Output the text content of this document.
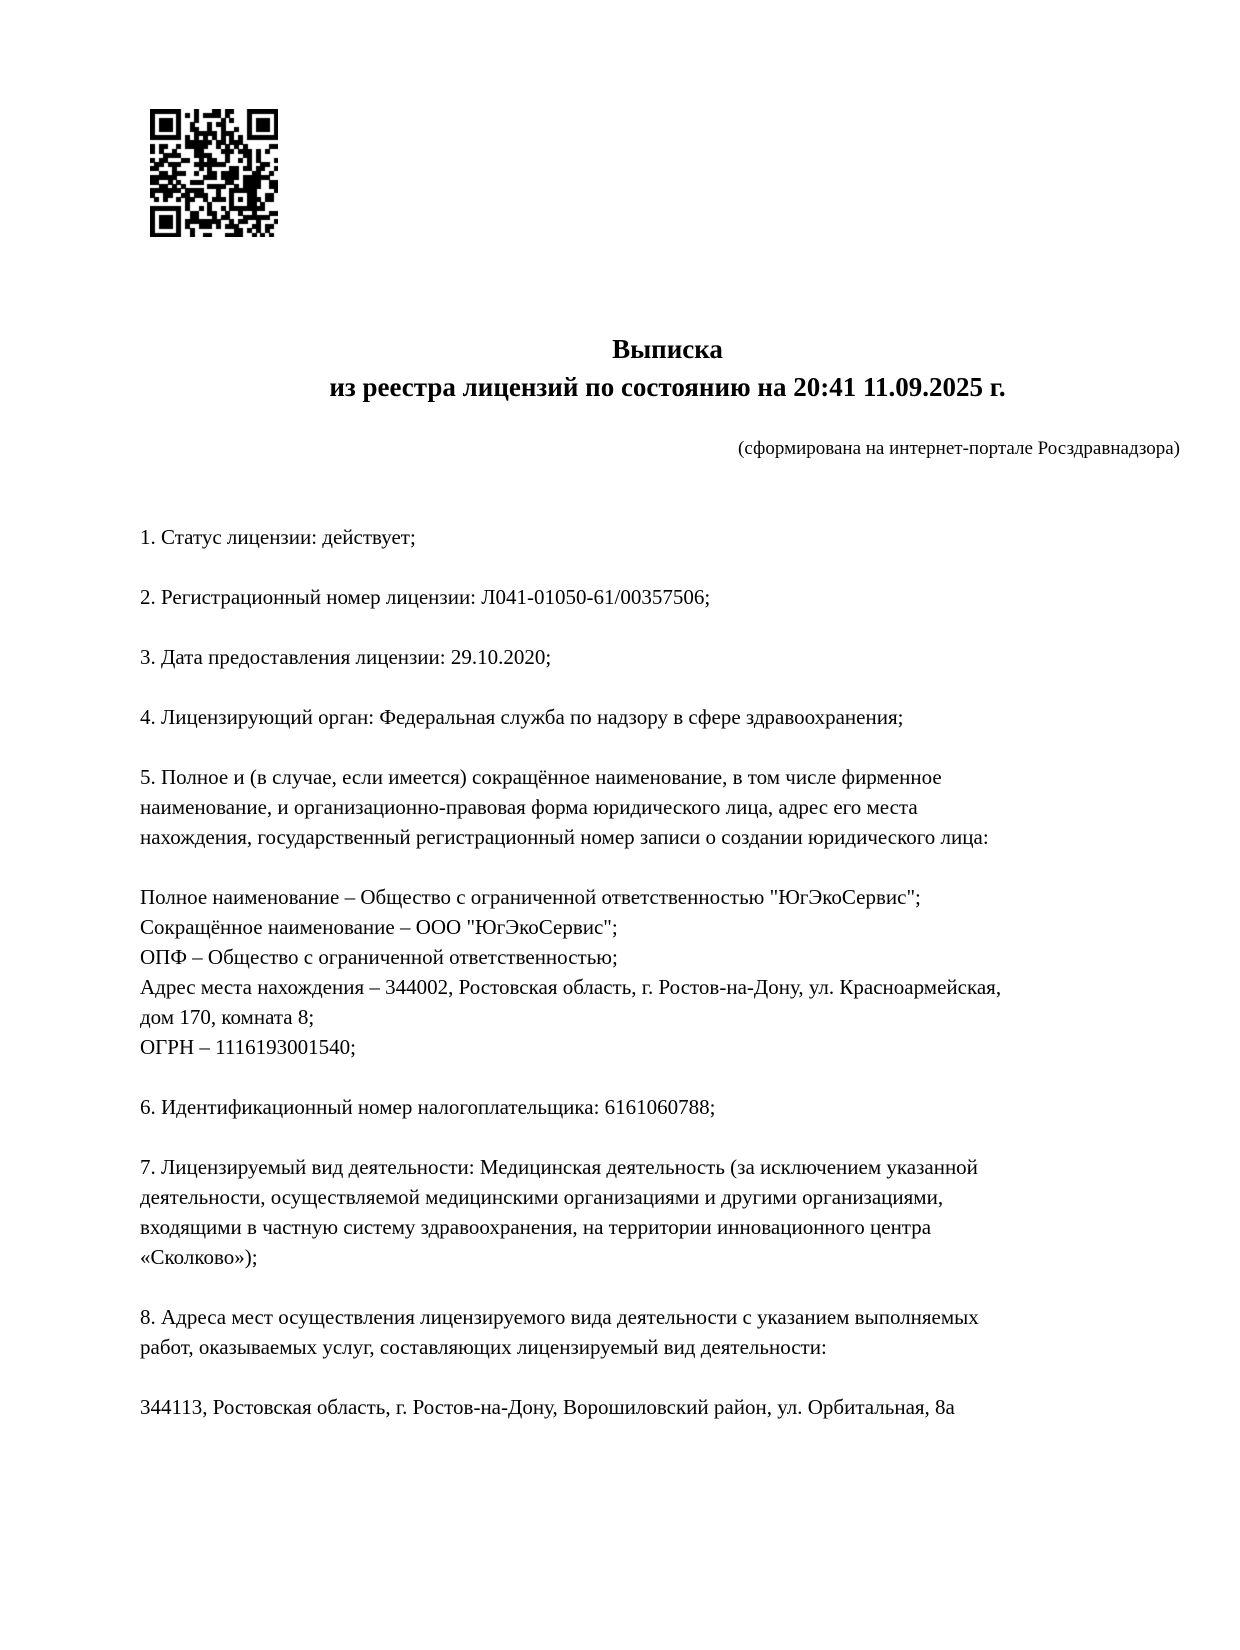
Выписка
из реестра лицензий по состоянию на 20:41 11.09.2025 г.
(сформирована на интернет-портале Росздравнадзора)
1. Статус лицензии: действует;
2. Регистрационный номер лицензии: Л041-01050-61/00357506;
3. Дата предоставления лицензии: 29.10.2020;
4. Лицензирующий орган: Федеральная служба по надзору в сфере здравоохранения;
5. Полное и (в случае, если имеется) сокращённое наименование, в том числе фирменное
наименование, и организационно-правовая форма юридического лица, адрес его места
нахождения, государственный регистрационный номер записи о создании юридического лица:
Полное наименование – Общество с ограниченной ответственностью "ЮгЭкоСервис";
Сокращённое наименование – ООО "ЮгЭкоСервис";
ОПФ – Общество с ограниченной ответственностью;
Адрес места нахождения – 344002, Ростовская область, г. Ростов-на-Дону, ул. Красноармейская,
дом 170, комната 8;
ОГРН – 1116193001540;
6. Идентификационный номер налогоплательщика: 6161060788;
7. Лицензируемый вид деятельности: Медицинская деятельность (за исключением указанной
деятельности, осуществляемой медицинскими организациями и другими организациями,
входящими в частную систему здравоохранения, на территории инновационного центра
«Сколково»);
8. Адреса мест осуществления лицензируемого вида деятельности с указанием выполняемых
работ, оказываемых услуг, составляющих лицензируемый вид деятельности:
344113, Ростовская область, г. Ростов-на-Дону, Ворошиловский район, ул. Орбитальная, 8а
